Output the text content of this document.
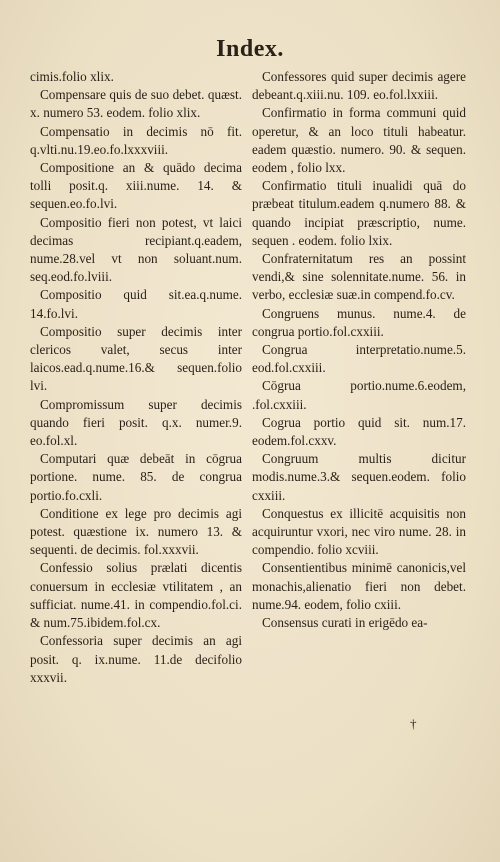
Index.
cimis.folio xlix.
Compensare quis de suo debet. quæst. x. numero 53. eodem. folio xlix.
Compensatio in decimis nō fit. q.vlti.nu.19.eo.fo.lxxxviii.
Compositione an & quādo decima tolli posit.q. xiii.nume. 14. & sequen.eo.fo.lvi.
Compositio fieri non potest, vt laici decimas recipiant.q.eadem, nume.28.vel vt non soluant.num. seq.eod.fo.lviii.
Compositio quid sit.ea.q.nume. 14.fo.lvi.
Compositio super decimis inter clericos valet, secus inter laicos.ead.q.nume.16.& sequen.folio lvi.
Compromissum super decimis quando fieri posit. q.x. numer.9. eo.fol.xl.
Computari quæ debeāt in cōgrua portione. nume. 85. de congrua portio.fo.cxli.
Conditione ex lege pro decimis agi potest. quæstione ix. numero 13. & sequenti. de decimis. fol.xxxvii.
Confessio solius prælati dicentis conuersum in ecclesiæ vtilitatem , an sufficiat. nume.41. in compendio.fol.ci. & num.75.ibidem.fol.cx.
Confessoria super decimis an agi posit. q. ix.nume. 11.de decifolio xxxvii.
Confessores quid super decimis agere debeant.q.xiii.nu. 109. eo.fol.lxxiii.
Confirmatio in forma communi quid operetur, & an loco tituli habeatur. eadem quæstio. numero. 90. & sequen. eodem , folio lxx.
Confirmatio tituli inualidi quā do præbeat titulum.eadem q.numero 88. & quando incipiat præscriptio, nume. sequen . eodem. folio lxix.
Confraternitatum res an possint vendi,& sine solennitate.nume. 56. in verbo, ecclesiæ suæ.in compend.fo.cv.
Congruens munus. nume.4. de congrua portio.fol.cxxiii.
Congrua interpretatio.nume.5. eod.fol.cxxiii.
Cōgrua portio.nume.6.eodem, .fol.cxxiii.
Cogrua portio quid sit. num.17. eodem.fol.cxxv.
Congruum multis dicitur modis.nume.3.& sequen.eodem. folio cxxiii.
Conquestus ex illicitē acquisitis non acquiruntur vxori, nec viro nume. 28. in compendio. folio xcviii.
Consentientibus minimē canonicis,vel monachis,alienatio fieri non debet. nume.94. eodem, folio cxiii.
Consensus curati in erigēdo ea-
†
